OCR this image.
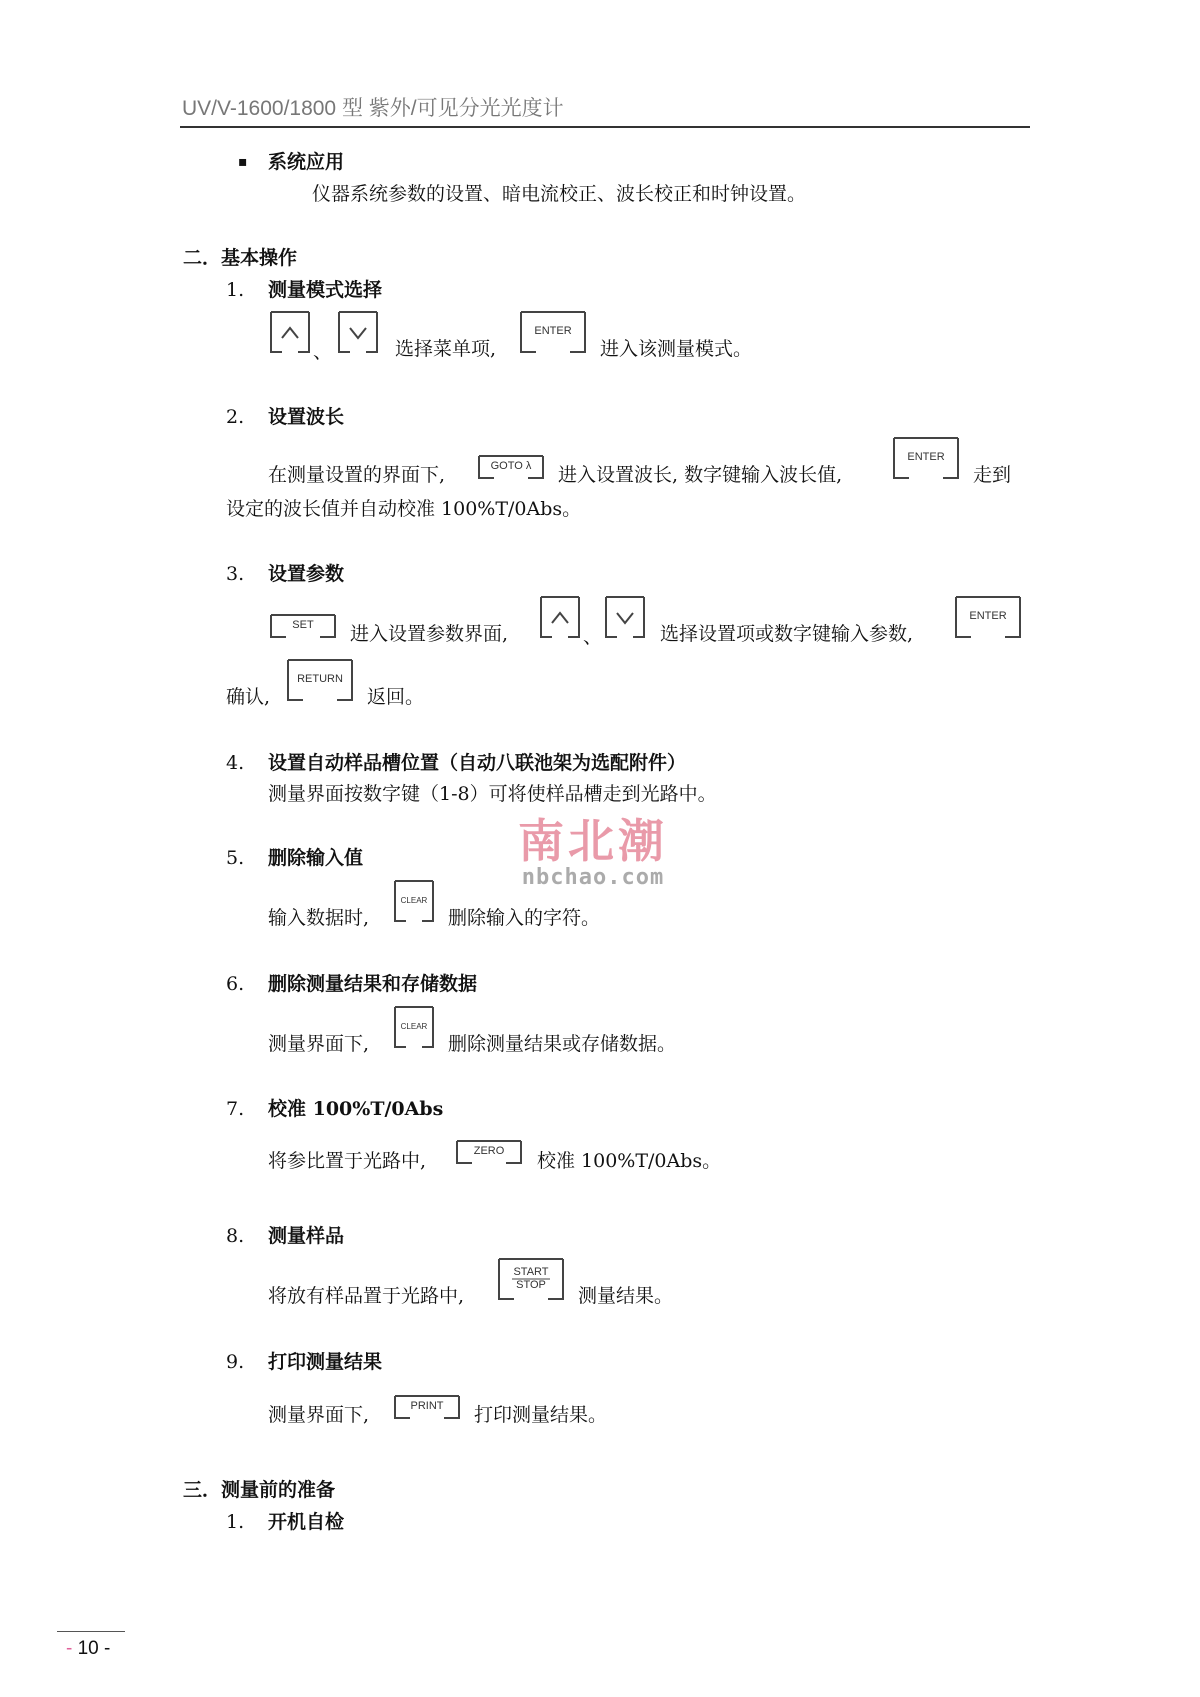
UV/V-1600/1800 型 紫外/可见分光光度计
▪ 系统应用
仪器系统参数的设置、暗电流校正、波长校正和时钟设置。
二．基本操作
1. 测量模式选择
、	选择菜单项,
ENTER
进入该测量模式。
2. 设置波长
在测量设置的界面下,	GOTO λ	进入设置波长, 数字键输入波长值,
ENTER
走到
设定的波长值并自动校准 100%T/0Abs。
3. 设置参数
SET	进入设置参数界面,	、	选择设置项或数字键输入参数,
ENTER
确认,
RETURN
返回。
4. 设置自动样品槽位置（自动八联池架为选配附件）
测量界面按数字键（1-8）可将使样品槽走到光路中。
南北潮
nbchao.com
5. 删除输入值
输入数据时,
CLEAR
删除输入的字符。
6. 删除测量结果和存储数据
测量界面下,
CLEAR
删除测量结果或存储数据。
7. 校准 100%T/0Abs
将参比置于光路中,	ZERO	校准 100%T/0Abs。
8. 测量样品
将放有样品置于光路中,
START
STOP	测量结果。
9. 打印测量结果
测量界面下,	PRINT	打印测量结果。
三．测量前的准备
1. 开机自检
- 10 -
